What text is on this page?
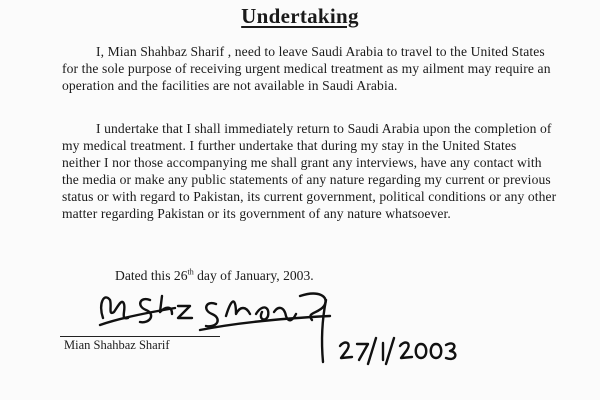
Undertaking
I, Mian Shahbaz Sharif , need to leave Saudi Arabia to travel to the United States
for the sole purpose of receiving urgent medical treatment as my ailment may require an
operation and the facilities are not available in Saudi Arabia.
I undertake that I shall immediately return to Saudi Arabia upon the completion of
my medical treatment. I further undertake that during my stay in the United States
neither I nor those accompanying me shall grant any interviews, have any contact with
the media or make any public statements of any nature regarding my current or previous
status or with regard to Pakistan, its current government, political conditions or any other
matter regarding Pakistan or its government of any nature whatsoever.
Dated this 26th day of January, 2003.
Mian Shahbaz Sharif
